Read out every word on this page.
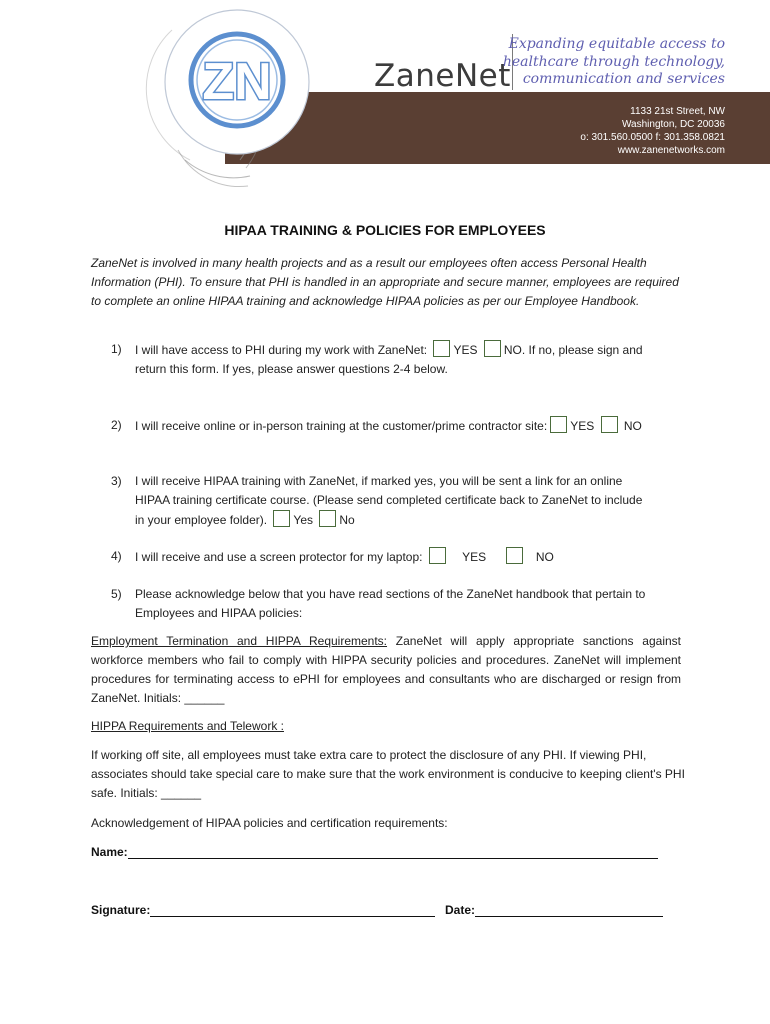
ZN	ZaneNet
Expanding equitable access to
healthcare through technology,
communication and services
1133 21st Street, NW
Washington, DC 20036
o: 301.560.0500 f: 301.358.0821
www.zanenetworks.com
HIPAA TRAINING & POLICIES FOR EMPLOYEES
ZaneNet is involved in many health projects and as a result our employees often access Personal Health Information (PHI). To ensure that PHI is handled in an appropriate and secure manner, employees are required to complete an online HIPAA training and acknowledge HIPAA policies as per our Employee Handbook.
1) I will have access to PHI during my work with ZaneNet: YES NO. If no, please sign and
return this form. If yes, please answer questions 2-4 below.
2) I will receive online or in-person training at the customer/prime contractor site: YES NO
3) I will receive HIPAA training with ZaneNet, if marked yes, you will be sent a link for an online
HIPAA training certificate course. (Please send completed certificate back to ZaneNet to include
in your employee folder). Yes No
4) I will receive and use a screen protector for my laptop:	YES	NO
5) Please acknowledge below that you have read sections of the ZaneNet handbook that pertain to Employees and HIPAA policies:
Employment Termination and HIPPA Requirements: ZaneNet will apply appropriate sanctions against workforce members who fail to comply with HIPPA security policies and procedures. ZaneNet will implement procedures for terminating access to ePHI for employees and consultants who are discharged or resign from ZaneNet. Initials: ______
HIPPA Requirements and Telework :
If working off site, all employees must take extra care to protect the disclosure of any PHI. If viewing PHI, associates should take special care to make sure that the work environment is conducive to keeping client's PHI safe. Initials: ______
Acknowledgement of HIPAA policies and certification requirements:
Name:
Signature:	Date:
